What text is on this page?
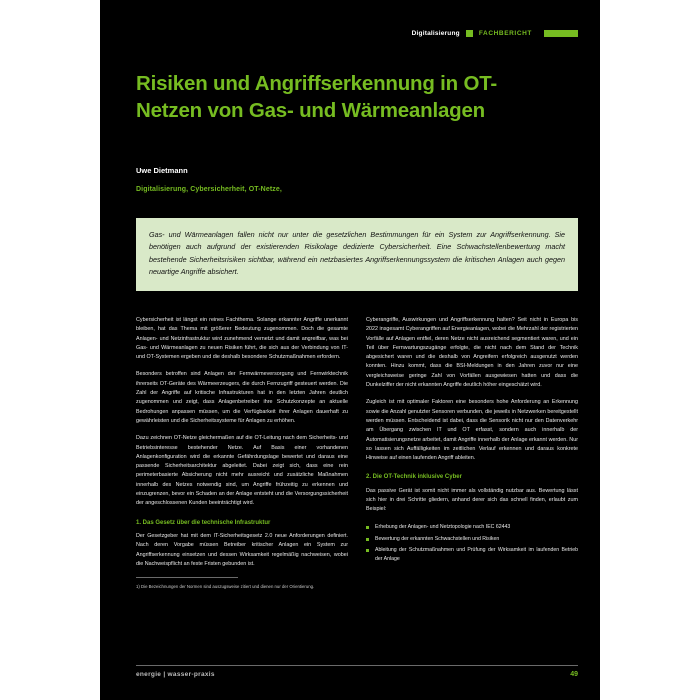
Digitalisierung	FACHBERICHT
Risiken und Angriffserkennung in OT-Netzen von Gas- und Wärmeanlagen
Uwe Dietmann
Digitalisierung, Cybersicherheit, OT-Netze,
Gas- und Wärmeanlagen fallen nicht nur unter die gesetzlichen Bestimmungen für ein System zur Angriffserkennung. Sie benötigen auch aufgrund der existierenden Risikolage dedizierte Cybersicherheit. Eine Schwachstellenbewertung macht bestehende Sicherheitsrisiken sichtbar, während ein netzbasiertes Angriffserkennungssystem die kritischen Anlagen auch gegen neuartige Angriffe absichert.

Cybersicherheit ist längst ein reines Fachthema. Solange erkannter Angriffe unerkannt bleiben, hat das Thema mit größerer Bedeutung zugenommen. Doch die gesamte Anlagen- und Netzinfrastruktur wird zunehmend vernetzt und damit angreifbar, was bei Gas- und Wärmeanlagen zu neuen Risiken führt, die sich aus der Verbindung von IT- und OT-Systemen ergeben und die deshalb besondere Schutzmaßnahmen erfordern.

Besonders betroffen sind Anlagen der Fernwärmeversorgung und Fernwirktechnik ihrerseits OT-Geräte des Wärmeerzeugers, die durch Fernzugriff gesteuert werden. Die Zahl der Angriffe auf kritische Infrastrukturen hat in den letzten Jahren deutlich zugenommen und zeigt, dass Anlagenbetreiber ihre Schutzkonzepte an aktuelle Bedrohungen anpassen müssen, um die Verfügbarkeit ihrer Anlagen dauerhaft zu gewährleisten und die Sicherheitssysteme für Anlagen zu erhöhen.

Dazu zeichnen OT-Netze gleichermaßen auf die OT-Leitung nach dem Sicherheits- und Betriebsinteresse bestehender Netze. Auf Basis einer vorhandenen Anlagenkonfiguration wird die erkannte Gefährdungslage bewertet und daraus eine passende Sicherheitsarchitektur abgeleitet. Dabei zeigt sich, dass eine rein perimeterbasierte Absicherung nicht mehr ausreicht und zusätzliche Maßnahmen innerhalb des Netzes notwendig sind, um Angriffe frühzeitig zu erkennen und einzugrenzen, bevor ein Schaden an der Anlage entsteht und die Versorgungssicherheit der angeschlossenen Kunden beeinträchtigt wird.

1. Das Gesetz über die technische Infrastruktur

Der Gesetzgeber hat mit dem IT-Sicherheitsgesetz 2.0 neue Anforderungen definiert. Nach deren Vorgabe müssen Betreiber kritischer Anlagen ein System zur Angriffserkennung einsetzen und dessen Wirksamkeit regelmäßig nachweisen, wobei die Nachweispflicht an feste Fristen gebunden ist.

1) Die Bezeichnungen der Normen sind auszugsweise zitiert und dienen nur der Orientierung.

Cyberangriffe, Auswirkungen und Angriffserkennung halten? Seit nicht in Europa bis 2022 insgesamt Cyberangriffen auf Energieanlagen, wobei die Mehrzahl der registrierten Vorfälle auf Anlagen entfiel, deren Netze nicht ausreichend segmentiert waren, und ein Teil über Fernwartungszugänge erfolgte, die nicht nach dem Stand der Technik abgesichert waren und die deshalb von Angreifern erfolgreich ausgenutzt werden konnten. Hinzu kommt, dass die BSI-Meldungen in den Jahren zuvor nur eine vergleichsweise geringe Zahl von Vorfällen ausgewiesen hatten und dass die Dunkelziffer der nicht erkannten Angriffe deutlich höher eingeschätzt wird.

Zugleich ist mit optimaler Faktoren eine besonders hohe Anforderung an Erkennung sowie die Anzahl genutzter Sensoren verbunden, die jeweils in Netzwerken bereitgestellt werden müssen. Entscheidend ist dabei, dass die Sensorik nicht nur den Datenverkehr am Übergang zwischen IT und OT erfasst, sondern auch innerhalb der Automatisierungsnetze arbeitet, damit Angriffe innerhalb der Anlage erkannt werden. Nur so lassen sich Auffälligkeiten im zeitlichen Verlauf erkennen und daraus konkrete Hinweise auf einen laufenden Angriff ableiten.

2. Die OT-Technik inklusive Cyber

Das passive Gerät ist somit nicht immer als vollständig nutzbar aus. Bewertung lässt sich hier in drei Schritte gliedern, anhand derer sich das schnell finden, erlaubt zum Beispiel:

Erhebung der Anlagen- und Netztopologie nach IEC 62443
Bewertung der erkannten Schwachstellen und Risiken
Ableitung der Schutzmaßnahmen und Prüfung der Wirksamkeit im laufenden Betrieb der Anlage
energie | wasser-praxis	49
